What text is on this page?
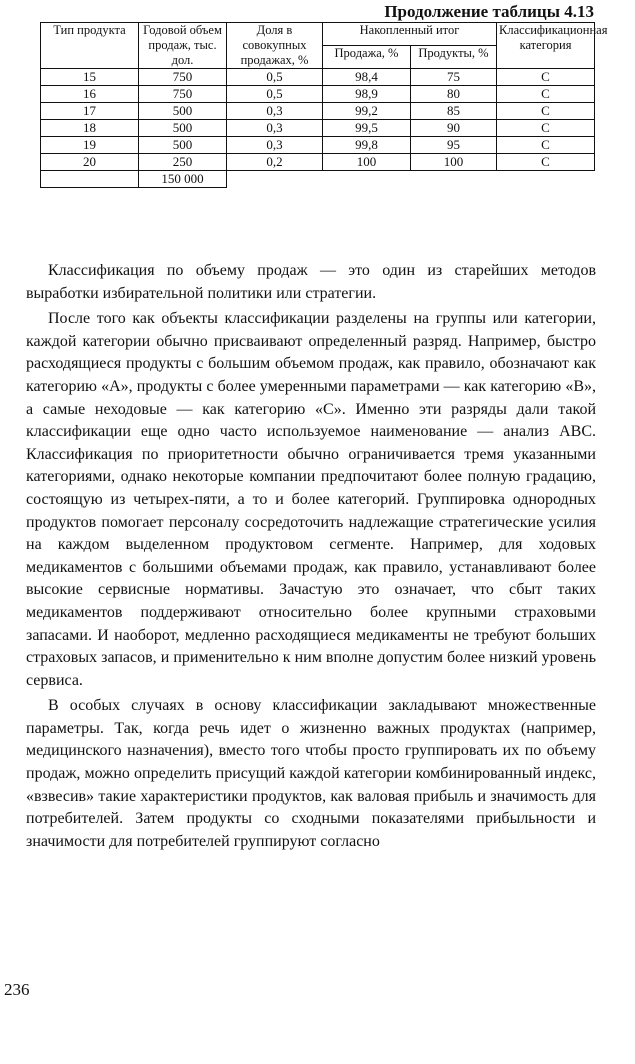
Продолжение таблицы 4.13
Тип продукта	Годовой объем продаж, тыс. дол.	Доля в совокупных продажах, %	Накопленный итог		Классификационная категория
			Продажа, %	Продукты, %	
15	750	0,5	98,4	75	С
16	750	0,5	98,9	80	С
17	500	0,3	99,2	85	С
18	500	0,3	99,5	90	С
19	500	0,3	99,8	95	С
20	250	0,2	100	100	С
	150 000				

Классификация по объему продаж — это один из старейших методов выработки избирательной политики или стратегии.

После того как объекты классификации разделены на группы или категории, каждой категории обычно присваивают определенный разряд. Например, быстро расходящиеся продукты с большим объемом продаж, как правило, обозначают как категорию «А», продукты с более умеренными параметрами — как категорию «В», а самые неходовые — как категорию «С». Именно эти разряды дали такой классификации еще одно часто используемое наименование — анализ АВС. Классификация по приоритетности обычно ограничивается тремя указанными категориями, однако некоторые компании предпочитают более полную градацию, состоящую из четырех-пяти, а то и более категорий. Группировка однородных продуктов помогает персоналу сосредоточить надлежащие стратегические усилия на каждом выделенном продуктовом сегменте. Например, для ходовых медикаментов с большими объемами продаж, как правило, устанавливают более высокие сервисные нормативы. Зачастую это означает, что сбыт таких медикаментов поддерживают относительно более крупными страховыми запасами. И наоборот, медленно расходящиеся медикаменты не требуют больших страховых запасов, и применительно к ним вполне допустим более низкий уровень сервиса.

В особых случаях в основу классификации закладывают множественные параметры. Так, когда речь идет о жизненно важных продуктах (например, медицинского назначения), вместо того чтобы просто группировать их по объему продаж, можно определить присущий каждой категории комбинированный индекс, «взвесив» такие характеристики продуктов, как валовая прибыль и значимость для потребителей. Затем продукты со сходными показателями прибыльности и значимости для потребителей группируют согласно

236
